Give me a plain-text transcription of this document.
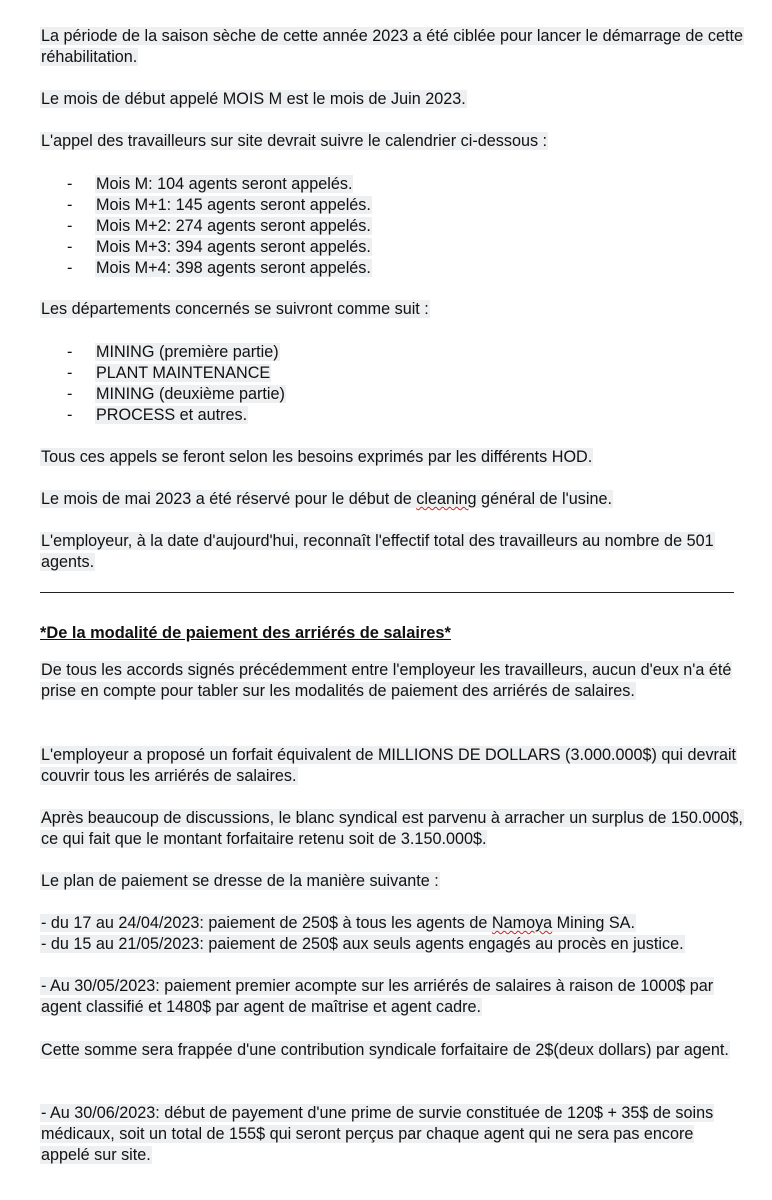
La période de la saison sèche de cette année 2023 a été ciblée pour lancer le démarrage de cette réhabilitation.

Le mois de début appelé MOIS M est le mois de Juin 2023.

L'appel des travailleurs sur site devrait suivre le calendrier ci-dessous :

- Mois M: 104 agents seront appelés.
- Mois M+1: 145 agents seront appelés.
- Mois M+2: 274 agents seront appelés.
- Mois M+3: 394 agents seront appelés.
- Mois M+4: 398 agents seront appelés.

Les départements concernés se suivront comme suit :

- MINING (première partie)
- PLANT MAINTENANCE
- MINING (deuxième partie)
- PROCESS et autres.

Tous ces appels se feront selon les besoins exprimés par les différents HOD.

Le mois de mai 2023 a été réservé pour le début de cleaning général de l'usine.

L'employeur, à la date d'aujourd'hui, reconnaît l'effectif total des travailleurs au nombre de 501 agents.

*De la modalité de paiement des arriérés de salaires*

De tous les accords signés précédemment entre l'employeur les travailleurs, aucun d'eux n'a été prise en compte pour tabler sur les modalités de paiement des arriérés de salaires.

L'employeur a proposé un forfait équivalent de MILLIONS DE DOLLARS (3.000.000$) qui devrait couvrir tous les arriérés de salaires.

Après beaucoup de discussions, le blanc syndical est parvenu à arracher un surplus de 150.000$, ce qui fait que le montant forfaitaire retenu soit de 3.150.000$.

Le plan de paiement se dresse de la manière suivante :

- du 17 au 24/04/2023: paiement de 250$ à tous les agents de Namoya Mining SA.

- du 15 au 21/05/2023: paiement de 250$ aux seuls agents engagés au procès en justice.

- Au 30/05/2023: paiement premier acompte sur les arriérés de salaires à raison de 1000$ par agent classifié et 1480$ par agent de maîtrise et agent cadre.

Cette somme sera frappée d'une contribution syndicale forfaitaire de 2$(deux dollars) par agent.

- Au 30/06/2023: début de payement d'une prime de survie constituée de 120$ + 35$ de soins médicaux, soit un total de 155$ qui seront perçus par chaque agent qui ne sera pas encore appelé sur site.
